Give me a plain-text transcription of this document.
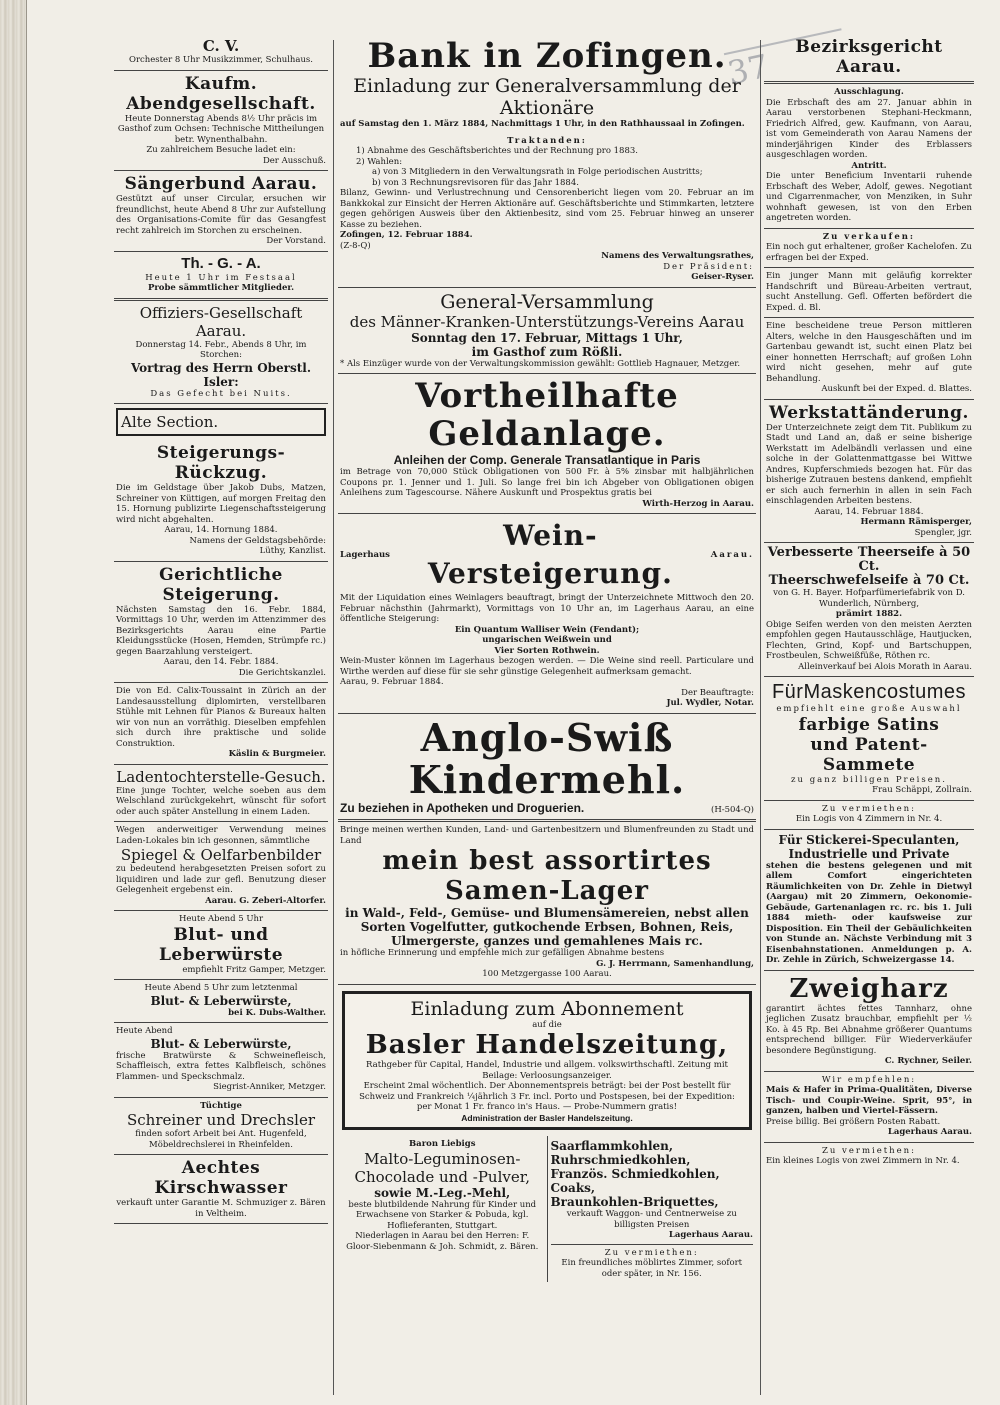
37
C. V.
Orchester 8 Uhr Musikzimmer, Schulhaus.
Kaufm. Abendgesellschaft.
Heute Donnerstag Abends 8½ Uhr präcis im Gasthof zum Ochsen: Technische Mittheilungen betr. Wynenthalbahn.
Zu zahlreichem Besuche ladet ein:
Der Ausschuß.
Sängerbund Aarau.
Gestützt auf unser Circular, ersuchen wir freundlichst, heute Abend 8 Uhr zur Aufstellung des Organisations-Comite für das Gesangfest recht zahlreich im Storchen zu erscheinen.
Der Vorstand.
Th. - G. - A.
Heute 1 Uhr im Festsaal
Probe sämmtlicher Mitglieder.
Offiziers-Gesellschaft Aarau.
Donnerstag 14. Febr., Abends 8 Uhr, im Storchen:
Vortrag des Herrn Oberstl. Isler:
Das Gefecht bei Nuits.
Alte Section.
Steigerungs-Rückzug.
Die im Geldstage über Jakob Dubs, Matzen, Schreiner von Küttigen, auf morgen Freitag den 15. Hornung publizirte Liegenschaftssteigerung wird nicht abgehalten.
Aarau, 14. Hornung 1884.
Namens der Geldstagsbehörde:
Lüthy, Kanzlist.
Gerichtliche Steigerung.
Nächsten Samstag den 16. Febr. 1884, Vormittags 10 Uhr, werden im Attenzimmer des Bezirksgerichts Aarau eine Partie Kleidungsstücke (Hosen, Hemden, Strümpfe rc.) gegen Baarzahlung versteigert.
Aarau, den 14. Febr. 1884.
Die Gerichtskanzlei.
Die von Ed. Calix-Toussaint in Zürich an der Landesausstellung diplomirten, verstellbaren Stühle mit Lehnen für Pianos & Bureaux halten wir von nun an vorräthig. Dieselben empfehlen sich durch ihre praktische und solide Construktion.
Käslin & Burgmeier.
Ladentochterstelle-Gesuch.
Eine junge Tochter, welche soeben aus dem Welschland zurückgekehrt, wünscht für sofort oder auch später Anstellung in einem Laden.
Wegen anderweitiger Verwendung meines Laden-Lokales bin ich gesonnen, sämmtliche
Spiegel & Oelfarbenbilder
zu bedeutend herabgesetzten Preisen sofort zu liquidiren und lade zur gefl. Benutzung dieser Gelegenheit ergebenst ein.
Aarau. G. Zeberi-Altorfer.
Heute Abend 5 Uhr
Blut- und Leberwürste
empfiehlt Fritz Gamper, Metzger.
Heute Abend 5 Uhr zum letztenmal
Blut- & Leberwürste,
bei K. Dubs-Walther.
Heute Abend
Blut- & Leberwürste,
frische Bratwürste & Schweinefleisch, Schaffleisch, extra fettes Kalbfleisch, schönes Flammen- und Speckschmalz.
Siegrist-Anniker, Metzger.
Tüchtige
Schreiner und Drechsler
finden sofort Arbeit bei Ant. Hugenfeld, Möbeldrechslerei in Rheinfelden.
Aechtes Kirschwasser
verkauft unter Garantie M. Schmuziger z. Bären in Veltheim.
Bank in Zofingen.
Einladung zur Generalversammlung der Aktionäre
auf Samstag den 1. März 1884, Nachmittags 1 Uhr, in den Rathhaussaal in Zofingen.
Traktanden:
1) Abnahme des Geschäftsberichtes und der Rechnung pro 1883.
2) Wahlen:
a) von 3 Mitgliedern in den Verwaltungsrath in Folge periodischen Austritts;
b) von 3 Rechnungsrevisoren für das Jahr 1884.
Bilanz, Gewinn- und Verlustrechnung und Censorenbericht liegen vom 20. Februar an im Bankkokal zur Einsicht der Herren Aktionäre auf. Geschäftsberichte und Stimmkarten, letztere gegen gehörigen Ausweis über den Aktienbesitz, sind vom 25. Februar hinweg an unserer Kasse zu beziehen.
Zofingen, 12. Februar 1884.
(Z-8-Q)
Namens des Verwaltungsrathes,
Der Präsident:
Geiser-Ryser.
General-Versammlung
des Männer-Kranken-Unterstützungs-Vereins Aarau
Sonntag den 17. Februar, Mittags 1 Uhr,
im Gasthof zum Rößli.
* Als Einzüger wurde von der Verwaltungskommission gewählt: Gottlieb Hagnauer, Metzger.
Vortheilhafte Geldanlage.
Anleihen der Comp. Generale Transatlantique in Paris
im Betrage von 70,000 Stück Obligationen von 500 Fr. à 5% zinsbar mit halbjährlichen Coupons pr. 1. Jenner und 1. Juli. So lange frei bin ich Abgeber von Obligationen obigen Anleihens zum Tagescourse. Nähere Auskunft und Prospektus gratis bei
Wirth-Herzog in Aarau.
Lagerhaus
Wein-Versteigerung.
Aarau.
Mit der Liquidation eines Weinlagers beauftragt, bringt der Unterzeichnete Mittwoch den 20. Februar nächsthin (Jahrmarkt), Vormittags von 10 Uhr an, im Lagerhaus Aarau, an eine öffentliche Steigerung:
Ein Quantum Walliser Wein (Fendant);
ungarischen Weißwein und
Vier Sorten Rothwein.
Wein-Muster können im Lagerhaus bezogen werden. — Die Weine sind reell. Particulare und Wirthe werden auf diese für sie sehr günstige Gelegenheit aufmerksam gemacht.
Aarau, 9. Februar 1884.
Der Beauftragte:
Jul. Wydler, Notar.
Anglo-Swiß Kindermehl.
Zu beziehen in Apotheken und Droguerien.	(H-504-Q)
Bringe meinen werthen Kunden, Land- und Gartenbesitzern und Blumenfreunden zu Stadt und Land
mein best assortirtes Samen-Lager
in Wald-, Feld-, Gemüse- und Blumensämereien, nebst allen Sorten Vogelfutter, gutkochende Erbsen, Bohnen, Reis, Ulmergerste, ganzes und gemahlenes Mais rc.
in höfliche Erinnerung und empfehle mich zur gefälligen Abnahme bestens
G. J. Herrmann, Samenhandlung,
100 Metzgergasse 100 Aarau.
Einladung zum Abonnement
auf die
Basler Handelszeitung,
Rathgeber für Capital, Handel, Industrie und allgem. volkswirthschaftl. Zeitung mit Beilage: Verloosungsanzeiger.
Erscheint 2mal wöchentlich. Der Abonnementspreis beträgt: bei der Post bestellt für Schweiz und Frankreich ¼jährlich 3 Fr. incl. Porto und Postspesen, bei der Expedition: per Monat 1 Fr. franco in's Haus. — Probe-Nummern gratis!
Administration der Basler Handelszeitung.
Baron Liebigs
Malto-Leguminosen-Chocolade und -Pulver,
sowie M.-Leg.-Mehl,
beste blutbildende Nahrung für Kinder und Erwachsene von Starker & Pobuda, kgl. Hoflieferanten, Stuttgart.
Niederlagen in Aarau bei den Herren: F. Gloor-Siebenmann & Joh. Schmidt, z. Bären.
Saarflammkohlen,
Ruhrschmiedkohlen,
Französ. Schmiedkohlen,
Coaks,
Braunkohlen-Briquettes,
verkauft Waggon- und Centnerweise zu billigsten Preisen
Lagerhaus Aarau.
Zu vermiethen:
Ein freundliches möblirtes Zimmer, sofort oder später, in Nr. 156.
Bezirksgericht Aarau.
Ausschlagung.
Die Erbschaft des am 27. Januar abhin in Aarau verstorbenen Stephani-Heckmann, Friedrich Alfred, gew. Kaufmann, von Aarau, ist vom Gemeinderath von Aarau Namens der minderjährigen Kinder des Erblassers ausgeschlagen worden.
Antritt.
Die unter Beneficium Inventarii ruhende Erbschaft des Weber, Adolf, gewes. Negotiant und Cigarrenmacher, von Menziken, in Suhr wohnhaft gewesen, ist von den Erben angetreten worden.
Zu verkaufen:
Ein noch gut erhaltener, großer Kachelofen. Zu erfragen bei der Exped.
Ein junger Mann mit geläufig korrekter Handschrift und Büreau-Arbeiten vertraut, sucht Anstellung. Gefl. Offerten befördert die Exped. d. Bl.
Eine bescheidene treue Person mittleren Alters, welche in den Hausgeschäften und im Gartenbau gewandt ist, sucht einen Platz bei einer honnetten Herrschaft; auf großen Lohn wird nicht gesehen, mehr auf gute Behandlung.
Auskunft bei der Exped. d. Blattes.
Werkstattänderung.
Der Unterzeichnete zeigt dem Tit. Publikum zu Stadt und Land an, daß er seine bisherige Werkstatt im Adelbändli verlassen und eine solche in der Golattenmattgasse bei Wittwe Andres, Kupferschmieds bezogen hat. Für das bisherige Zutrauen bestens dankend, empfiehlt er sich auch fernerhin in allen in sein Fach einschlagenden Arbeiten bestens.
Aarau, 14. Februar 1884.
Hermann Rämisperger,
Spengler, jgr.
Verbesserte Theerseife à 50 Ct.
Theerschwefelseife à 70 Ct.
von G. H. Bayer. Hofparfümeriefabrik von D. Wunderlich, Nürnberg,
prämirt 1882.
Obige Seifen werden von den meisten Aerzten empfohlen gegen Hautausschläge, Hautjucken, Flechten, Grind, Kopf- und Bartschuppen, Frostbeulen, Schweißfüße, Röthen rc.
Alleinverkauf bei Alois Morath in Aarau.
FürMaskencostumes
empfiehlt eine große Auswahl
farbige Satins
und Patent-Sammete
zu ganz billigen Preisen.
Frau Schäppi, Zollrain.
Zu vermiethen:
Ein Logis von 4 Zimmern in Nr. 4.
Für Stickerei-Speculanten, Industrielle und Private
stehen die bestens gelegenen und mit allem Comfort eingerichteten Räumlichkeiten von Dr. Zehle in Dietwyl (Aargau) mit 20 Zimmern, Oekonomie-Gebäude, Gartenanlagen rc. rc. bis 1. Juli 1884 mieth- oder kaufsweise zur Disposition. Ein Theil der Gebäulichkeiten von Stunde an. Nächste Verbindung mit 3 Eisenbahnstationen. Anmeldungen p. A. Dr. Zehle in Zürich, Schweizergasse 14.
Zweigharz
garantirt ächtes fettes Tannharz, ohne jeglichen Zusatz brauchbar, empfiehlt per ½ Ko. à 45 Rp. Bei Abnahme größerer Quantums entsprechend billiger. Für Wiederverkäufer besondere Begünstigung.
C. Rychner, Seiler.
Wir empfehlen:
Mais & Hafer in Prima-Qualitäten, Diverse Tisch- und Coupir-Weine. Sprit, 95°, in ganzen, halben und Viertel-Fässern.
Preise billig. Bei größern Posten Rabatt.
Lagerhaus Aarau.
Zu vermiethen:
Ein kleines Logis von zwei Zimmern in Nr. 4.
